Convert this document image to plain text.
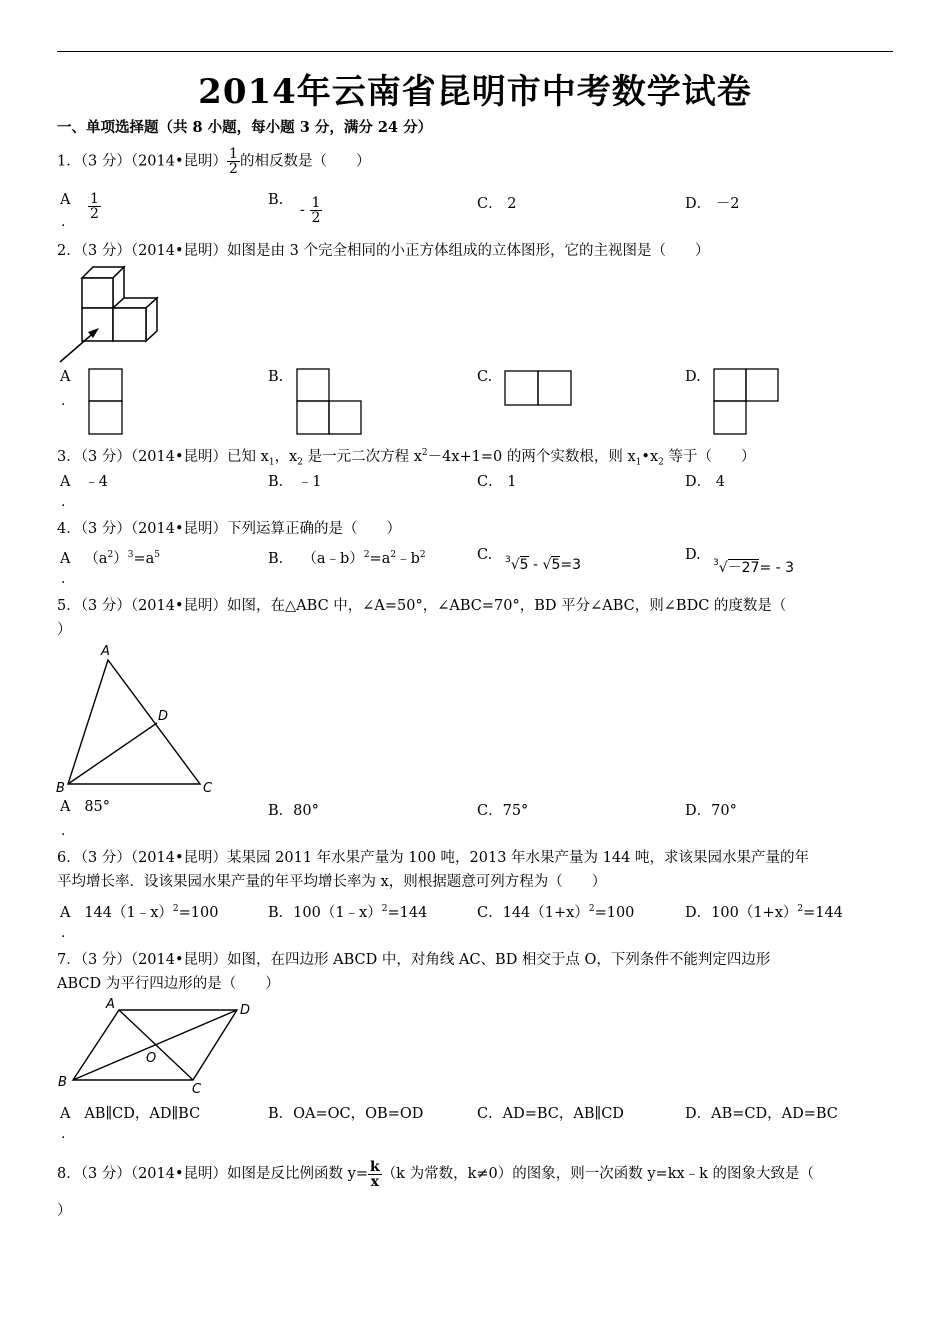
2014年云南省昆明市中考数学试卷
一、单项选择题（共 8 小题，每小题 3 分，满分 24 分）
1．（3 分）（2014•昆明） $\frac{1}{2}$ 的相反数是（　　）
A
.
$\frac{1}{2}$	B.
- $\frac{1}{2}$	C． 2	D． －2
2．（3 分）（2014•昆明）如图是由 3 个完全相同的小正方体组成的立体图形，它的主视图是（　　）
A
.
B.	C.	D.
3．（3 分）（2014•昆明）已知 $x_1$，$x_2$ 是一元二次方程 $x^2-4x+1=0$ 的两个实数根，则 $x_1•x_2$ 等于（　　）
A ﹣4
.
B． ﹣1	C． 1	D． 4
4．（3 分）（2014•昆明）下列运算正确的是（　　）
A $(a^2)^3=a^5$
.
B． $(a﹣b)^2=a^2﹣b^2$	C. $^3$√5 - √5=3
D. $^3$√－27= - 3
5．（3 分）（2014•昆明）如图，在△ABC 中，∠A=50°，∠ABC=70°，BD 平分∠ABC，则∠BDC 的度数是（
）
A
D
B	C
A 85°
.
B．80°	C．75°	D．70°
6．（3 分）（2014•昆明）某果园 2011 年水果产量为 100 吨，2013 年水果产量为 144 吨，求该果园水果产量的年
平均增长率．设该果园水果产量的年平均增长率为 x，则根据题意可列方程为（　　）
A 144（1﹣x）$^2$=100
.
B．100（1﹣x）$^2$=144	C．$144(1+x)^2=100$	D．$100(1+x)^2=144$
7．（3 分）（2014•昆明）如图，在四边形 ABCD 中，对角线 AC、BD 相交于点 O，下列条件不能判定四边形
ABCD 为平行四边形的是（　　）
A	D
O
B	C
A AB∥CD，AD∥BC
.
B．OA=OC，OB=OD	C．AD=BC，AB∥CD	D．AB=CD，AD=BC
8．（3 分）（2014•昆明）如图是反比例函数 $y= \frac{k}{x} (k$ 为常数，k≠0）的图象，则一次函数 y=kx﹣k 的图象大致是（
）
